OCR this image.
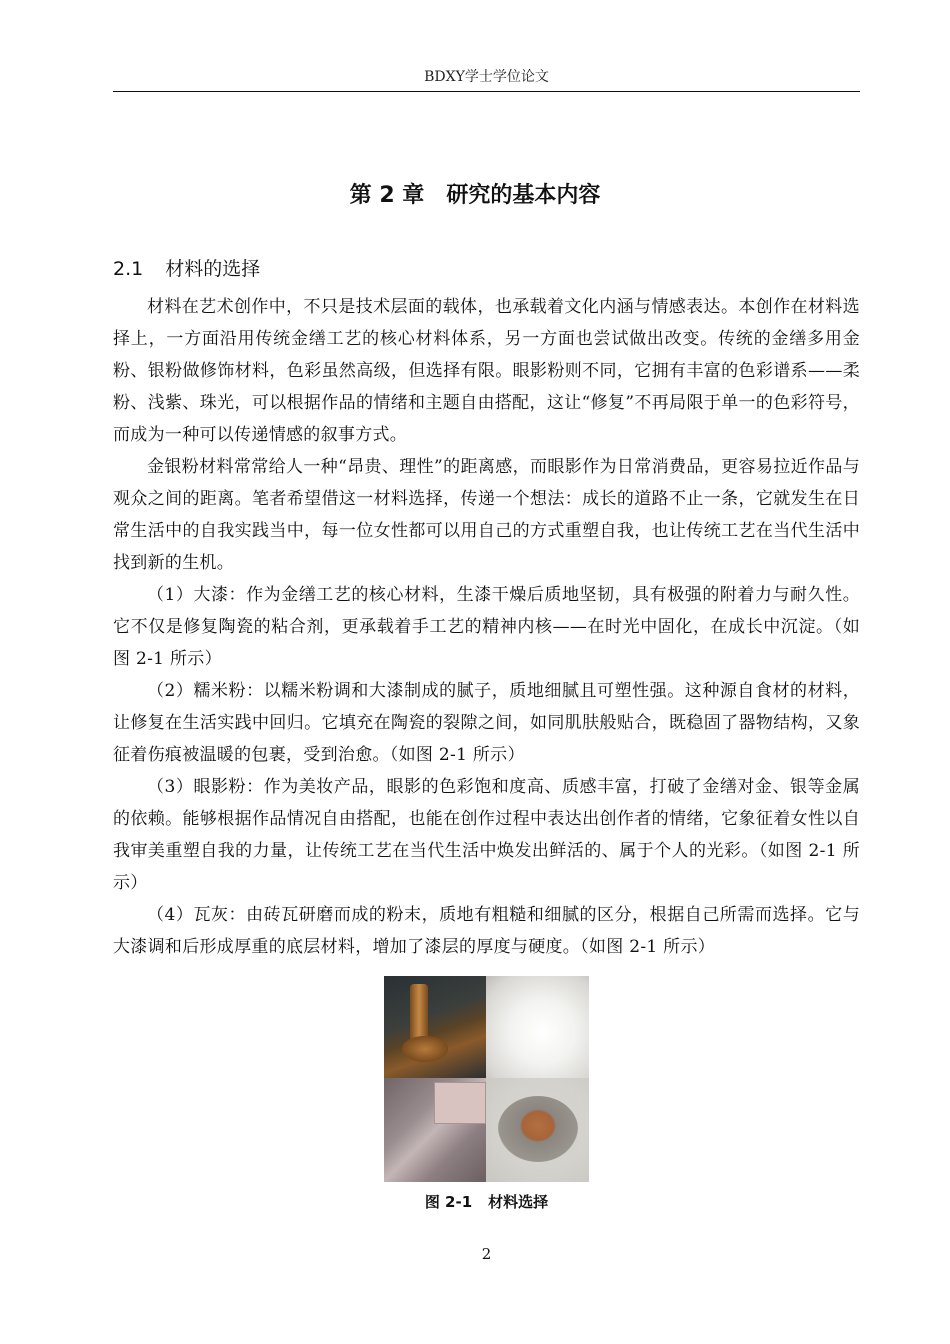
BDXY学士学位论文
第 2 章 研究的基本内容
2.1 材料的选择

材料在艺术创作中，不只是技术层面的载体，也承载着文化内涵与情感表达。本创作在材料选择上，一方面沿用传统金缮工艺的核心材料体系，另一方面也尝试做出改变。传统的金缮多用金粉、银粉做修饰材料，色彩虽然高级，但选择有限。眼影粉则不同，它拥有丰富的色彩谱系——柔粉、浅紫、珠光，可以根据作品的情绪和主题自由搭配，这让“修复”不再局限于单一的色彩符号，而成为一种可以传递情感的叙事方式。

金银粉材料常常给人一种“昂贵、理性”的距离感，而眼影作为日常消费品，更容易拉近作品与观众之间的距离。笔者希望借这一材料选择，传递一个想法：成长的道路不止一条，它就发生在日常生活中的自我实践当中，每一位女性都可以用自己的方式重塑自我，也让传统工艺在当代生活中找到新的生机。

（1）大漆：作为金缮工艺的核心材料，生漆干燥后质地坚韧，具有极强的附着力与耐久性。它不仅是修复陶瓷的粘合剂，更承载着手工艺的精神内核——在时光中固化，在成长中沉淀。（如图 2-1 所示）

（2）糯米粉：以糯米粉调和大漆制成的腻子，质地细腻且可塑性强。这种源自食材的材料，让修复在生活实践中回归。它填充在陶瓷的裂隙之间，如同肌肤般贴合，既稳固了器物结构，又象征着伤痕被温暖的包裹，受到治愈。（如图 2-1 所示）

（3）眼影粉：作为美妆产品，眼影的色彩饱和度高、质感丰富，打破了金缮对金、银等金属的依赖。能够根据作品情况自由搭配，也能在创作过程中表达出创作者的情绪，它象征着女性以自我审美重塑自我的力量，让传统工艺在当代生活中焕发出鲜活的、属于个人的光彩。（如图 2-1 所示）

（4）瓦灰：由砖瓦研磨而成的粉末，质地有粗糙和细腻的区分，根据自己所需而选择。它与大漆调和后形成厚重的底层材料，增加了漆层的厚度与硬度。（如图 2-1 所示）

图 2-1 材料选择
2
